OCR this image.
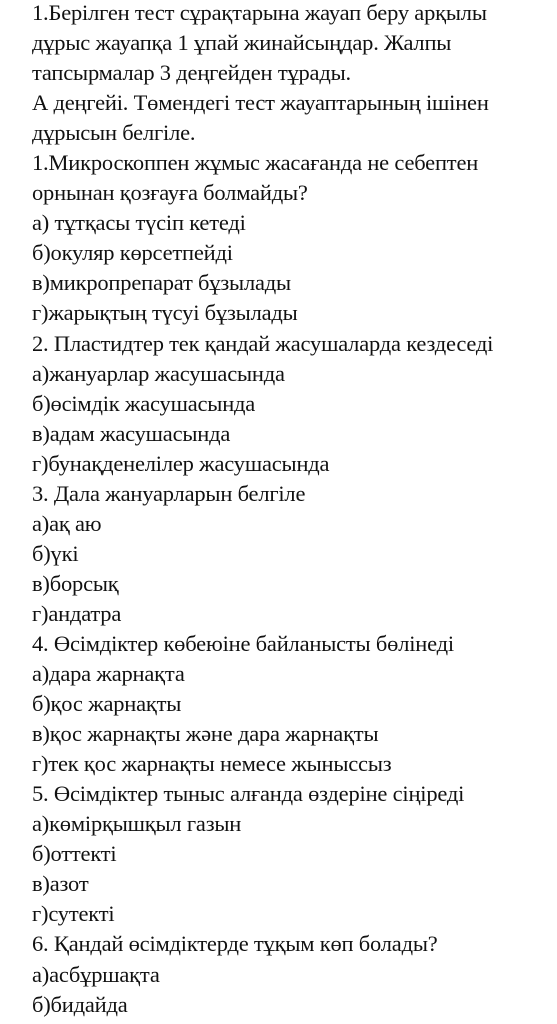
1.Берілген тест сұрақтарына жауап беру арқылы
дұрыс жауапқа 1 ұпай жинайсыңдар. Жалпы
тапсырмалар 3 деңгейден тұрады.
А деңгейі. Төмендегі тест жауаптарының ішінен
дұрысын белгіле.
1.Микроскоппен жұмыс жасағанда не себептен
орнынан қозғауға болмайды?
а) тұтқасы түсіп кетеді
б)окуляр көрсетпейді
в)микропрепарат бұзылады
г)жарықтың түсуі бұзылады
2. Пластидтер тек қандай жасушаларда кездеседі
а)жануарлар жасушасында
б)өсімдік жасушасында
в)адам жасушасында
г)бунақденелілер жасушасында
3. Дала жануарларын белгіле
а)ақ аю
б)үкі
в)борсық
г)андатра
4. Өсімдіктер көбеюіне байланысты бөлінеді
а)дара жарнақта
б)қос жарнақты
в)қос жарнақты және дара жарнақты
г)тек қос жарнақты немесе жыныссыз
5. Өсімдіктер тыныс алғанда өздеріне сіңіреді
а)көмірқышқыл газын
б)оттекті
в)азот
г)сутекті
6. Қандай өсімдіктерде тұқым көп болады?
а)асбұршақта
б)бидайда
